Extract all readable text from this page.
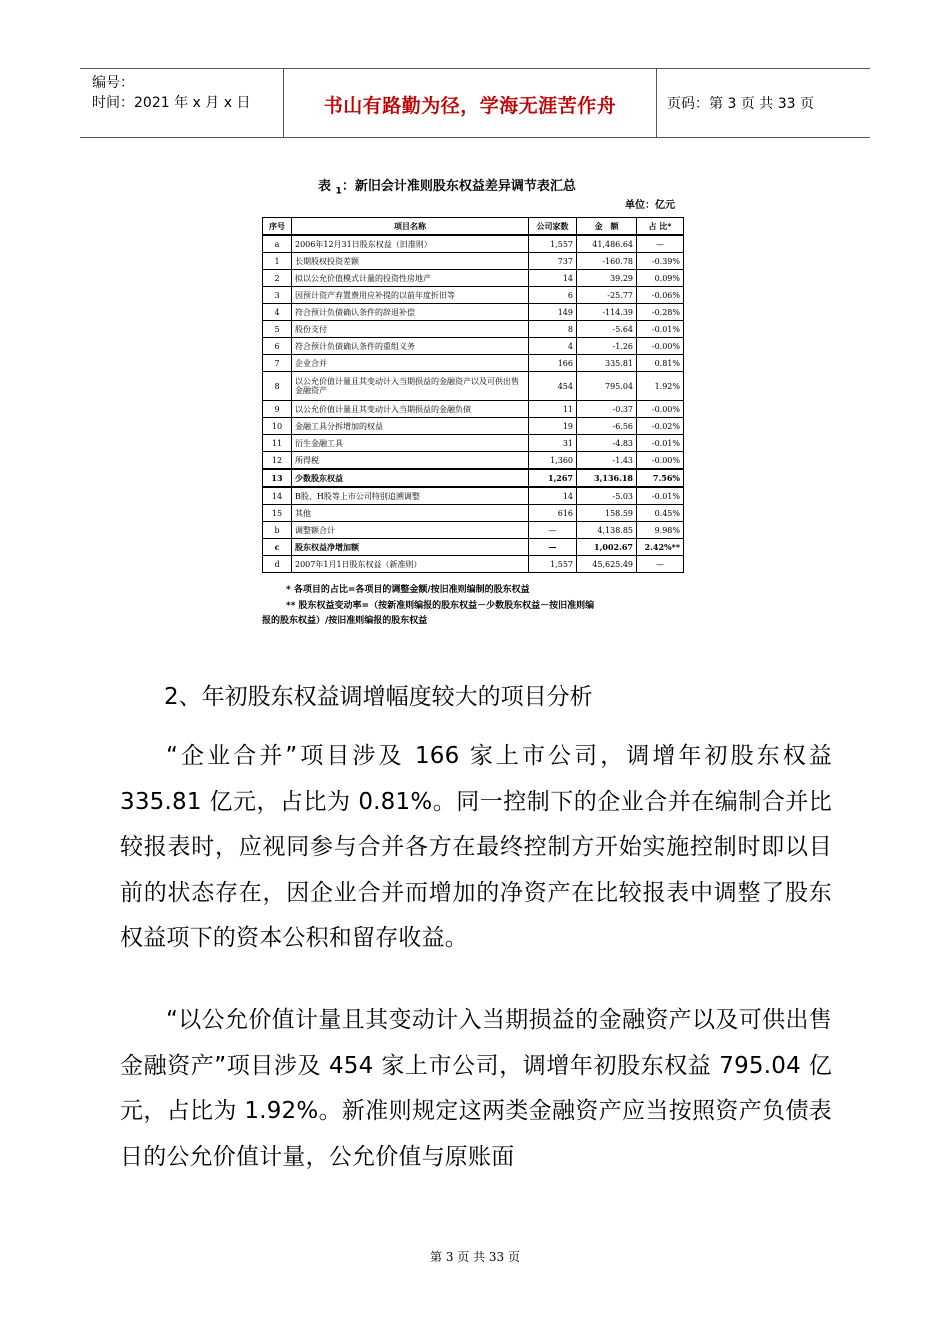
编号：
时间：2021 年 x 月 x 日	书山有路勤为径，学海无涯苦作舟	页码：第 3 页 共 33 页
表 $_1$：新旧会计准则股东权益差异调节表汇总
单位：亿元
序号	项目名称	公司家数	金　额	占 比*
a	2006年12月31日股东权益（旧准则）	1,557	41,486.64	—
1	长期股权投资差额	737	-160.78	-0.39%
2	拟以公允价值模式计量的投资性房地产	14	39.29	0.09%
3	因预计资产弃置费用应补提的以前年度折旧等	6	-25.77	-0.06%
4	符合预计负债确认条件的辞退补偿	149	-114.39	-0.28%
5	股份支付	8	-5.64	-0.01%
6	符合预计负债确认条件的重组义务	4	-1.26	-0.00%
7	企业合并	166	335.81	0.81%
8	以公允价值计量且其变动计入当期损益的金融资产以及可供出售金融资产	454	795.04	1.92%
9	以公允价值计量且其变动计入当期损益的金融负债	11	-0.37	-0.00%
10	金融工具分拆增加的权益	19	-6.56	-0.02%
11	衍生金融工具	31	-4.83	-0.01%
12	所得税	1,360	-1.43	-0.00%
13	少数股东权益	1,267	3,136.18	7.56%
14	B股、H股等上市公司特别追溯调整	14	-5.03	-0.01%
15	其他	616	158.59	0.45%
b	调整额合计	—	4,138.85	9.98%
c	股东权益净增加额	—	1,002.67	2.42%**
d	2007年1月1日股东权益（新准则）	1,557	45,625.49	—
* 各项目的占比=各项目的调整金额/按旧准则编制的股东权益
** 股东权益变动率=（按新准则编报的股东权益－少数股东权益－按旧准则编
报的股东权益）/按旧准则编报的股东权益
2、年初股东权益调增幅度较大的项目分析
“企业合并”项目涉及 166 家上市公司，调增年初股东权益 335.81 亿元，占比为 0.81%。同一控制下的企业合并在编制合并比较报表时，应视同参与合并各方在最终控制方开始实施控制时即以目前的状态存在，因企业合并而增加的净资产在比较报表中调整了股东权益项下的资本公积和留存收益。
“以公允价值计量且其变动计入当期损益的金融资产以及可供出售金融资产”项目涉及 454 家上市公司，调增年初股东权益 795.04 亿元，占比为 1.92%。新准则规定这两类金融资产应当按照资产负债表日的公允价值计量，公允价值与原账面
第 3 页 共 33 页
